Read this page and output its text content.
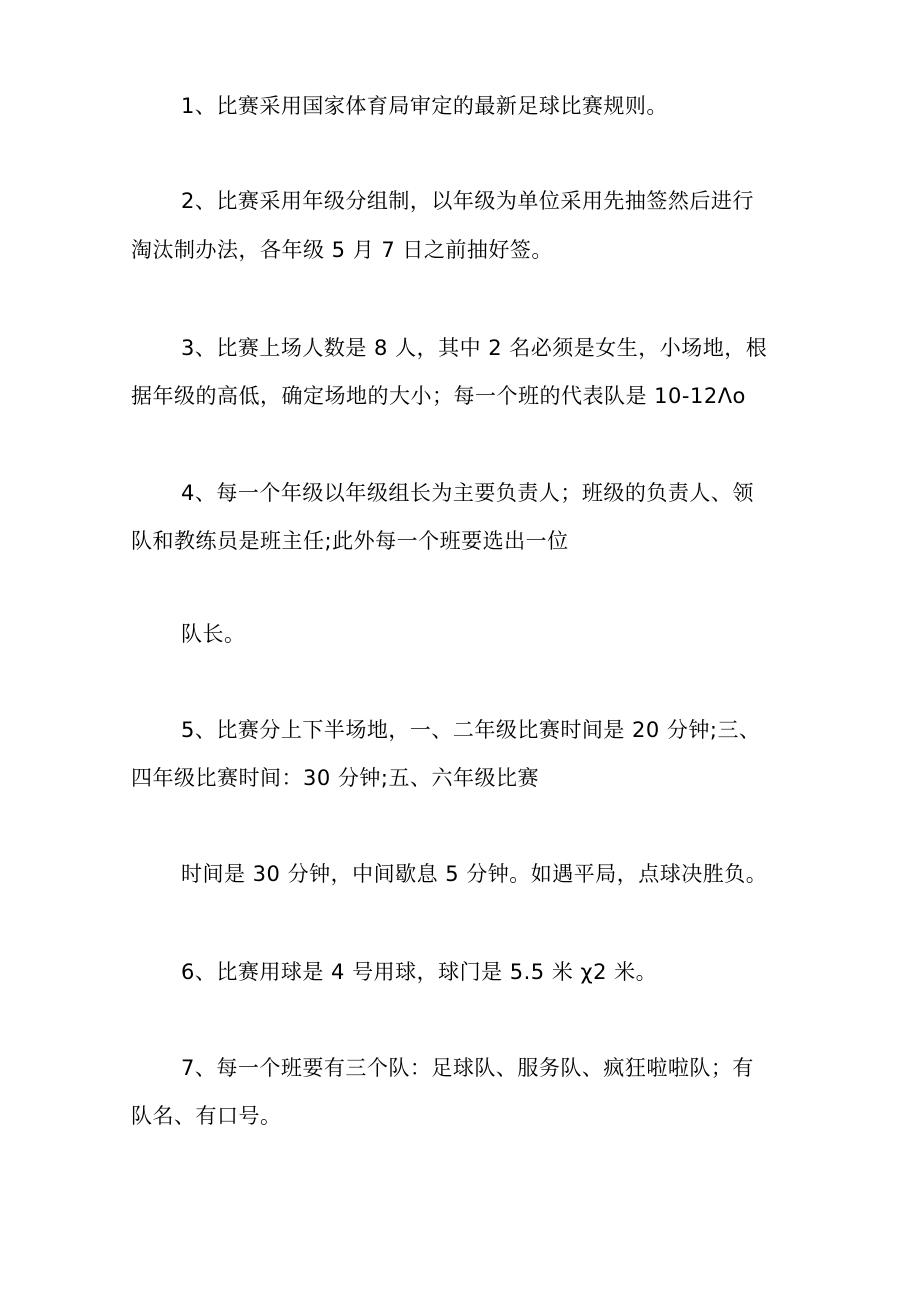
1、比赛采用国家体育局审定的最新足球比赛规则。
2、比赛采用年级分组制，以年级为单位采用先抽签然后进行
淘汰制办法，各年级 5 月 7 日之前抽好签。
3、比赛上场人数是 8 人，其中 2 名必须是女生，小场地，根
据年级的高低，确定场地的大小；每一个班的代表队是 10-12Λo
4、每一个年级以年级组长为主要负责人；班级的负责人、领
队和教练员是班主任;此外每一个班要选出一位
队长。
5、比赛分上下半场地，一、二年级比赛时间是 20 分钟;三、
四年级比赛时间：30 分钟;五、六年级比赛
时间是 30 分钟，中间歇息 5 分钟。如遇平局，点球决胜负。
6、比赛用球是 4 号用球，球门是 5.5 米 χ2 米。
7、每一个班要有三个队：足球队、服务队、疯狂啦啦队；有
队名、有口号。
